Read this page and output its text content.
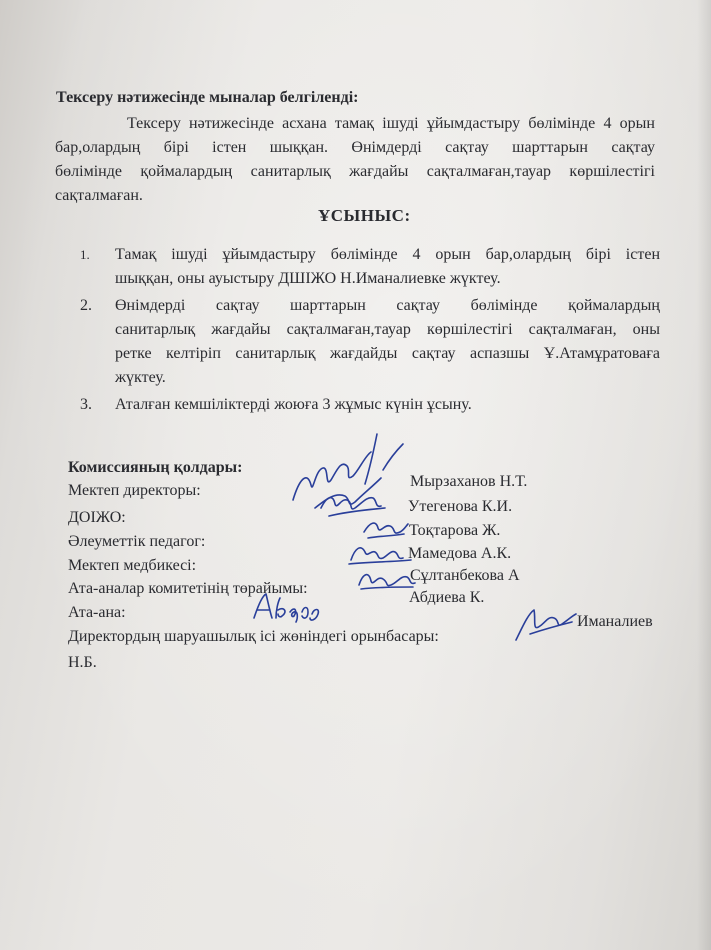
Тексеру нәтижесінде мыналар белгіленді:
Тексеру нәтижесінде асхана тамақ ішуді ұйымдастыру бөлімінде 4 орын
бар,олардың бірі істен шыққан. Өнімдерді сақтау шарттарын сақтау
бөлімінде қоймалардың санитарлық жағдайы сақталмаған,тауар көршілестігі
сақталмаған.
ҰСЫНЫС:
1. Тамақ ішуді ұйымдастыру бөлімінде 4 орын бар,олардың бірі істен
шыққан, оны ауыстыру ДШІЖО Н.Иманалиевке жүктеу.
2. Өнімдерді сақтау шарттарын сақтау бөлімінде қоймалардың
санитарлық жағдайы сақталмаған,тауар көршілестігі сақталмаған, оны
ретке келтіріп санитарлық жағдайды сақтау аспазшы Ұ.Атамұратоваға
жүктеу.
3. Аталған кемшіліктерді жоюға 3 жұмыс күнін ұсыну.
Комиссияның қолдары:
Мектеп директоры:
ДОІЖО:
Әлеуметтік педагог:
Мектеп медбикесі:
Ата-аналар комитетінің төрайымы:
Ата-ана:
Директордың шаруашылық ісі жөніндегі орынбасары:
Н.Б.
Мырзаханов Н.Т.
Утегенова К.И.
Тоқтарова Ж.
Мамедова А.К.
Сұлтанбекова А
Абдиева К.
Иманалиев
